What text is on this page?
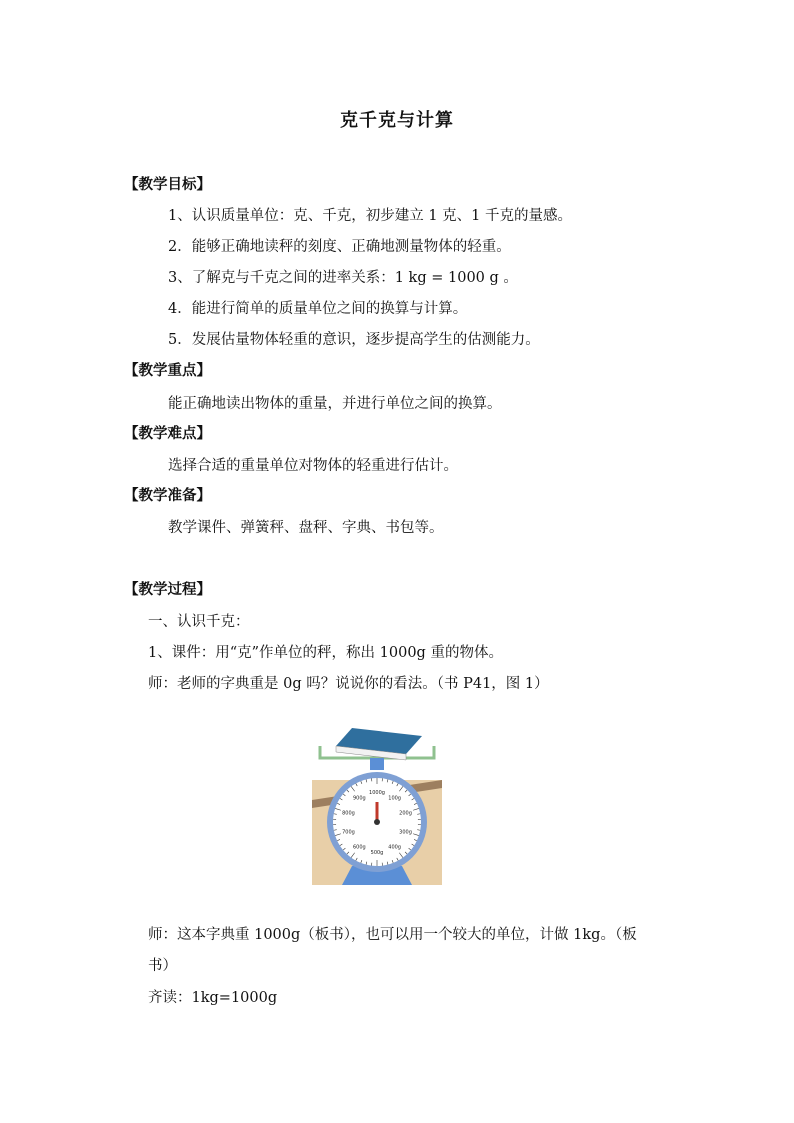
克千克与计算
【教学目标】
1、认识质量单位：克、千克，初步建立 1 克、1 千克的量感。
2．能够正确地读秤的刻度、正确地测量物体的轻重。
3、了解克与千克之间的进率关系：1 kg = 1000 g 。
4．能进行简单的质量单位之间的换算与计算。
5．发展估量物体轻重的意识，逐步提高学生的估测能力。
【教学重点】
能正确地读出物体的重量，并进行单位之间的换算。
【教学难点】
选择合适的重量单位对物体的轻重进行估计。
【教学准备】
教学课件、弹簧秤、盘秤、字典、书包等。
【教学过程】
一、认识千克：
1、课件：用“克”作单位的秤，称出 1000g 重的物体。
师：老师的字典重是 0g 吗？说说你的看法。（书 P41，图 1）
1000g
100g
200g
300g
400g
500g
600g
700g
800g
900g
师：这本字典重 1000g（板书），也可以用一个较大的单位，计做 1kg。（板
书）
齐读：1kg=1000g
